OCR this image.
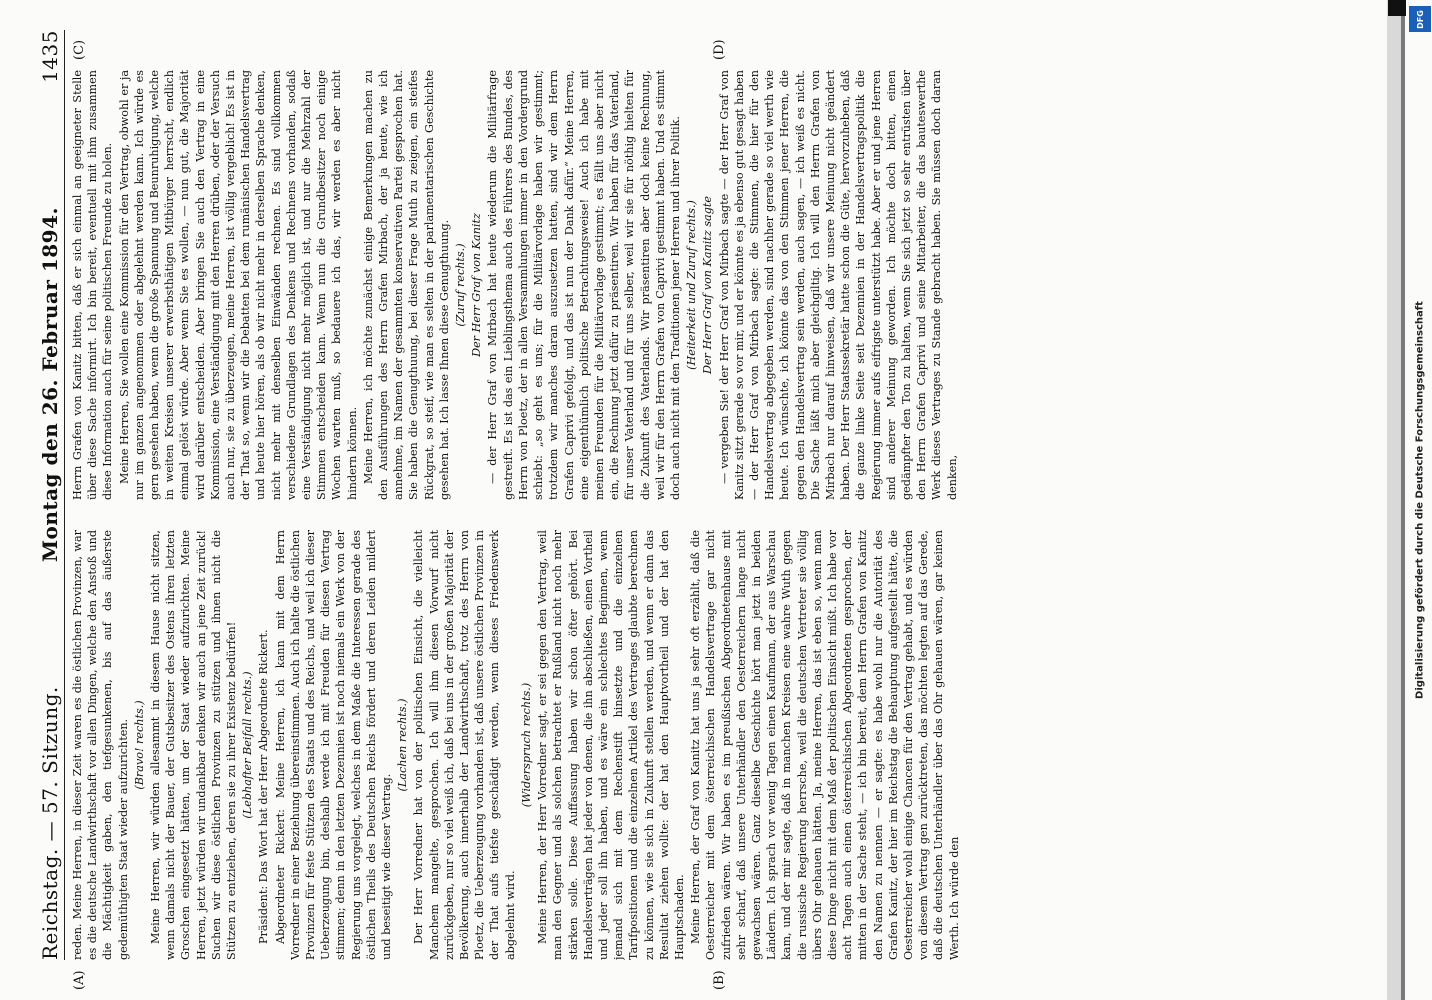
Reichstag. — 57. Sitzung.
Montag den 26. Februar 1894.
1435
(A)	(B)
(C)	(D)

reden. Meine Herren, in dieser Zeit waren es die östlichen Provinzen, war es die deutsche Landwirthschaft vor allen Dingen, welche den Anstoß und die Mächtigkeit gaben, den tiefgesunkenen, bis auf das äußerste gedemüthigten Staat wieder aufzurichten. (Bravo! rechts.) Meine Herren, wir würden allesammt in diesem Hause nicht sitzen, wenn damals nicht der Bauer, der Gutsbesitzer des Ostens ihren letzten Groschen eingesetzt hätten, um der Staat wieder aufzurichten. Meine Herren, jetzt würden wir undankbar denken wir auch an jene Zeit zurück! Suchen wir diese östlichen Provinzen zu stützen und ihnen nicht die Stützen zu entziehen, deren sie zu ihrer Existenz bedürfen! (Lebhafter Beifall rechts.) Präsident: Das Wort hat der Herr Abgeordnete Rickert. Abgeordneter Rickert: Meine Herren, ich kann mit dem Herrn Vorredner in einer Beziehung übereinstimmen. Auch ich halte die östlichen Provinzen für feste Stützen des Staats und des Reichs, und weil ich dieser Ueberzeugung bin, deshalb werde ich mit Freuden für diesen Vertrag stimmen; denn in den letzten Dezennien ist noch niemals ein Werk von der Regierung uns vorgelegt, welches in dem Maße die Interessen gerade des östlichen Theils des Deutschen Reichs fördert und deren Leiden mildert und beseitigt wie dieser Vertrag.

(Lachen rechts.) Der Herr Vorredner hat von der politischen Einsicht, die vielleicht Manchem mangelte, gesprochen. Ich will ihm diesen Vorwurf nicht zurückgeben, nur so viel weiß ich, daß bei uns in der großen Majorität der Bevölkerung, auch innerhalb der Landwirthschaft, trotz des Herrn von Ploetz, die Ueberzeugung vorhanden ist, daß unsere östlichen Provinzen in der That aufs tiefste geschädigt werden, wenn dieses Friedenswerk abgelehnt wird.

(Widerspruch rechts.) Meine Herren, der Herr Vorredner sagt, er sei gegen den Vertrag, weil man den Gegner und als solchen betrachtet er Rußland nicht noch mehr stärken solle. Diese Auffassung haben wir schon öfter gehört. Bei Handelsverträgen hat jeder von denen, die ihn abschließen, einen Vortheil und jeder soll ihn haben, und es wäre ein schlechtes Beginnen, wenn jemand sich mit dem Rechenstift hinsetzte und die einzelnen Tarifpositionen und die einzelnen Artikel des Vertrages glaubte berechnen zu können, wie sie sich in Zukunft stellen werden, und wenn er dann das Resultat ziehen wollte: der hat den Hauptvortheil und der hat den Hauptschaden. Meine Herren, der Graf von Kanitz hat uns ja sehr oft erzählt, daß die Oesterreicher mit dem österreichischen Handelsvertrage gar nicht zufrieden wären. Wir haben es im preußischen Abgeordnetenhause mit sehr scharf, daß unsere Unterhändler den Oesterreichern lange nicht gewachsen wären. Ganz dieselbe Geschichte hört man jetzt in beiden Ländern. Ich sprach vor wenig Tagen einen Kaufmann, der aus Warschau kam, und der mir sagte, daß in manchen Kreisen eine wahre Wuth gegen die russische Regierung herrsche, weil die deutschen Vertreter sie völlig übers Ohr gehauen hätten. Ja, meine Herren, das ist eben so, wenn man diese Dinge nicht mit dem Maß der politischen Einsicht mißt. Ich habe vor acht Tagen auch einen österreichischen Abgeordneten gesprochen, der mitten in der Sache steht, — ich bin bereit, dem Herrn Grafen von Kanitz den Namen zu nennen — er sagte: es habe wohl nur die Autorität des Grafen Kanitz, der hier im Reichstag die Behauptung aufgestellt hätte, die Oesterreicher wohl einige Chancen für den Vertrag gehabt, und es würden von diesem Vertrag gen zurücktreten, das möchten legten auf das Gerede, daß die deutschen Unterhändler über das Ohr gehauen wären, gar keinen Werth. Ich würde den

Herrn Grafen von Kanitz bitten, daß er sich einmal an geeigneter Stelle über diese Sache informirt. Ich bin bereit, eventuell mit ihm zusammen diese Information auch für seine politischen Freunde zu holen. Meine Herren, Sie wollen eine Kommission für den Vertrag, obwohl er ja nur im ganzen angenommen oder abgelehnt werden kann. Ich würde es gern gesehen haben, wenn die große Spannung und Beunruhigung, welche in weiten Kreisen unserer erwerbsthätigen Mitbürger herrscht, endlich einmal gelöst würde. Aber wenn Sie es wollen, — nun gut, die Majorität wird darüber entscheiden. Aber bringen Sie auch den Vertrag in eine Kommission, eine Verständigung mit den Herren drüben, oder der Versuch auch nur, sie zu überzeugen, meine Herren, ist völlig vergeblich! Es ist in der That so, wenn wir die Debatten bei dem rumänischen Handelsvertrag und heute hier hören, als ob wir nicht mehr in derselben Sprache denken, nicht mehr mit denselben Einwänden rechnen. Es sind vollkommen verschiedene Grundlagen des Denkens und Rechnens vorhanden, sodaß eine Verständigung nicht mehr möglich ist, und nur die Mehrzahl der Stimmen entscheiden kann. Wenn nun die Grundbesitzer noch einige Wochen warten muß, so bedauere ich das, wir werden es aber nicht hindern können. Meine Herren, ich möchte zunächst einige Bemerkungen machen zu den Ausführungen des Herrn Grafen Mirbach, der ja heute, wie ich annehme, im Namen der gesammten konservativen Partei gesprochen hat. Sie haben die Genugthuung, bei dieser Frage Muth zu zeigen, ein steifes Rückgrat, so steif, wie man es selten in der parlamentarischen Geschichte gesehen hat. Ich lasse Ihnen diese Genugthuung. (Zuruf rechts.) Der Herr Graf von Kanitz — der Herr Graf von Mirbach hat heute wiederum die Militärfrage gestreift. Es ist das ein Lieblingsthema auch des Führers des Bundes, des Herrn von Ploetz, der in allen Versammlungen immer in den Vordergrund schiebt: „so geht es uns; für die Militärvorlage haben wir gestimmt; trotzdem wir manches daran auszusetzen hatten, sind wir dem Herrn Grafen Caprivi gefolgt, und das ist nun der Dank dafür.“ Meine Herren, eine eigenthümlich politische Betrachtungsweise! Auch ich habe mit meinen Freunden für die Militärvorlage gestimmt; es fällt uns aber nicht ein, die Rechnung jetzt dafür zu präsentiren. Wir haben für das Vaterland, für unser Vaterland und für uns selber, weil wir sie für nöthig hielten für die Zukunft des Vaterlands. Wir präsentiren aber doch keine Rechnung, weil wir für den Herrn Grafen von Caprivi gestimmt haben. Und es stimmt doch auch nicht mit den Traditionen jener Herren und ihrer Politik. (Heiterkeit und Zuruf rechts.) Der Herr Graf von Kanitz sagte — vergeben Sie! der Herr Graf von Mirbach sagte — der Herr Graf von Kanitz sitzt gerade so vor mir, und er könnte es ja ebenso gut gesagt haben — der Herr Graf von Mirbach sagte: die Stimmen, die hier für den Handelsvertrag abgegeben werden, sind nachher gerade so viel werth wie heute. Ich wünschte, ich könnte das von den Stimmen jener Herren, die gegen den Handelsvertrag sein werden, auch sagen, — ich weiß es nicht. Die Sache läßt mich aber gleichgiltig. Ich will den Herrn Grafen von Mirbach nur darauf hinweisen, daß wir unsere Meinung nicht geändert haben. Der Herr Staatssekretär hatte schon die Güte, hervorzuheben, daß die ganze linke Seite seit Dezennien in der Handelsvertragspolitik die Regierung immer aufs eifrigste unterstützt habe. Aber er und jene Herren sind anderer Meinung geworden. Ich möchte doch bitten, einen gedämpfter den Ton zu halten, wenn Sie sich jetzt so sehr entrüsten über den Herrn Grafen Caprivi und seine Mitarbeiter, die das bauteswerthe Werk dieses Vertrages zu Stande gebracht haben. Sie müssen doch daran denken,

DFG
Digitalisierung gefördert durch die Deutsche Forschungsgemeinschaft
